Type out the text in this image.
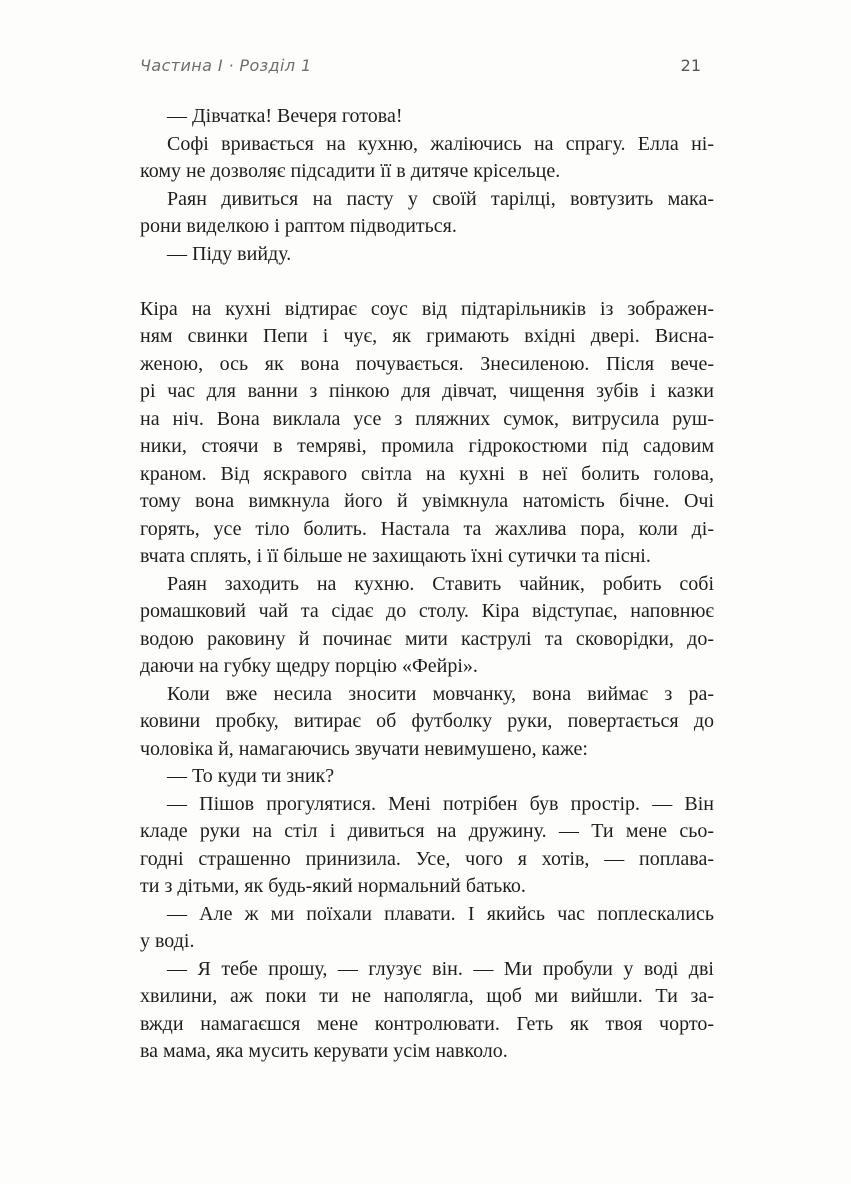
Частина I · Розділ 1	21
— Дівчатка! Вечеря готова!
Софі вривається на кухню, жаліючись на спрагу. Елла ні-
кому не дозволяє підсадити її в дитяче крісельце.
Раян дивиться на пасту у своїй тарілці, вовтузить мака-
рони виделкою і раптом підводиться.
— Піду вийду.
Кіра на кухні відтирає соус від підтарільників із зображен-
ням свинки Пепи і чує, як гримають вхідні двері. Висна-
женою, ось як вона почувається. Знесиленою. Після вече-
рі час для ванни з пінкою для дівчат, чищення зубів і казки
на ніч. Вона виклала усе з пляжних сумок, витрусила руш-
ники, стоячи в темряві, промила гідрокостюми під садовим
краном. Від яскравого світла на кухні в неї болить голова,
тому вона вимкнула його й увімкнула натомість бічне. Очі
горять, усе тіло болить. Настала та жахлива пора, коли ді-
вчата сплять, і її більше не захищають їхні сутички та пісні.
Раян заходить на кухню. Ставить чайник, робить собі
ромашковий чай та сідає до столу. Кіра відступає, наповнює
водою раковину й починає мити каструлі та сковорідки, до-
даючи на губку щедру порцію «Фейрі».
Коли вже несила зносити мовчанку, вона виймає з ра-
ковини пробку, витирає об футболку руки, повертається до
чоловіка й, намагаючись звучати невимушено, каже:
— То куди ти зник?
— Пішов прогулятися. Мені потрібен був простір. — Він
кладе руки на стіл і дивиться на дружину. — Ти мене сьо-
годні страшенно принизила. Усе, чого я хотів, — поплава-
ти з дітьми, як будь-який нормальний батько.
— Але ж ми поїхали плавати. І якийсь час поплескались
у воді.
— Я тебе прошу, — глузує він. — Ми пробули у воді дві
хвилини, аж поки ти не наполягла, щоб ми вийшли. Ти за-
вжди намагаєшся мене контролювати. Геть як твоя чорто-
ва мама, яка мусить керувати усім навколо.
